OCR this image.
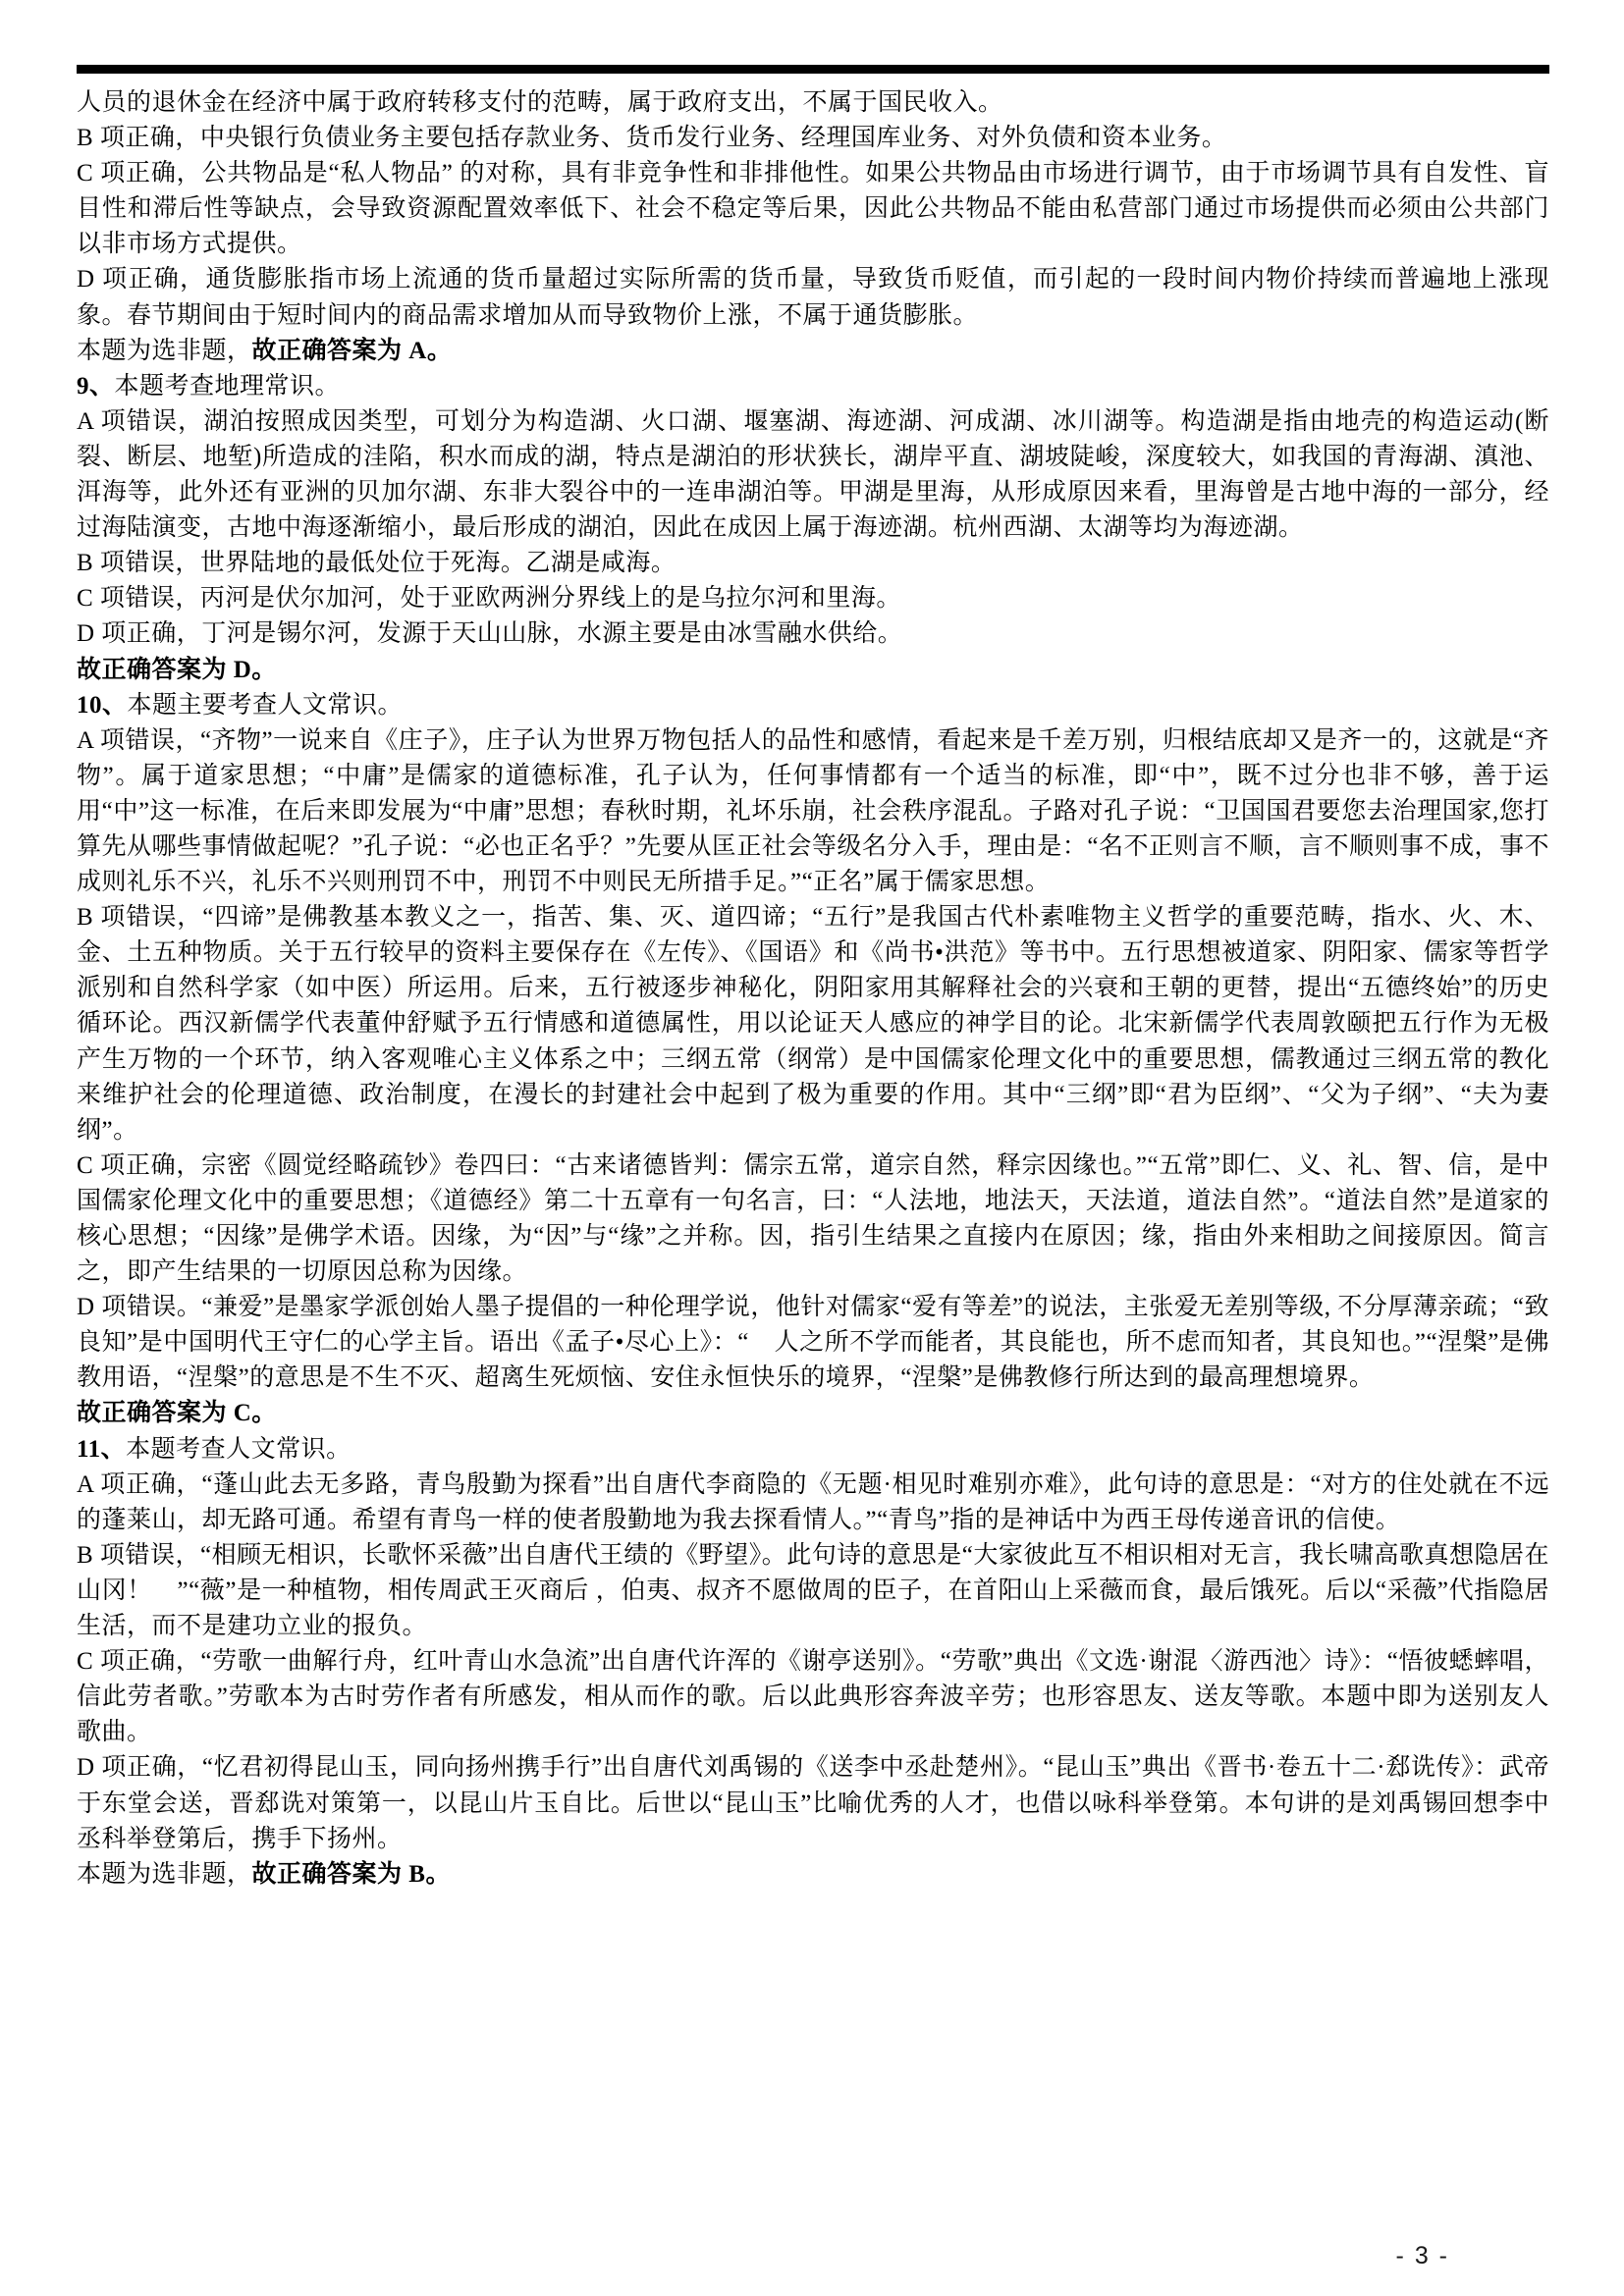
人员的退休金在经济中属于政府转移支付的范畴，属于政府支出，不属于国民收入。

B 项正确，中央银行负债业务主要包括存款业务、货币发行业务、经理国库业务、对外负债和资本业务。

C 项正确，公共物品是“私人物品” 的对称，具有非竞争性和非排他性。如果公共物品由市场进行调节，由于市场调节具有自发性、盲目性和滞后性等缺点，会导致资源配置效率低下、社会不稳定等后果，因此公共物品不能由私营部门通过市场提供而必须由公共部门以非市场方式提供。

D 项正确，通货膨胀指市场上流通的货币量超过实际所需的货币量，导致货币贬值，而引起的一段时间内物价持续而普遍地上涨现象。春节期间由于短时间内的商品需求增加从而导致物价上涨，不属于通货膨胀。

本题为选非题，故正确答案为 A。

9、本题考查地理常识。

A 项错误，湖泊按照成因类型，可划分为构造湖、火口湖、堰塞湖、海迹湖、河成湖、冰川湖等。构造湖是指由地壳的构造运动(断裂、断层、地堑)所造成的洼陷，积水而成的湖，特点是湖泊的形状狭长，湖岸平直、湖坡陡峻，深度较大，如我国的青海湖、滇池、洱海等，此外还有亚洲的贝加尔湖、东非大裂谷中的一连串湖泊等。甲湖是里海，从形成原因来看，里海曾是古地中海的一部分，经过海陆演变，古地中海逐渐缩小，最后形成的湖泊，因此在成因上属于海迹湖。杭州西湖、太湖等均为海迹湖。

B 项错误，世界陆地的最低处位于死海。乙湖是咸海。

C 项错误，丙河是伏尔加河，处于亚欧两洲分界线上的是乌拉尔河和里海。

D 项正确，丁河是锡尔河，发源于天山山脉，水源主要是由冰雪融水供给。

故正确答案为 D。

10、本题主要考查人文常识。

A 项错误，“齐物”一说来自《庄子》，庄子认为世界万物包括人的品性和感情，看起来是千差万别，归根结底却又是齐一的，这就是“齐物”。属于道家思想；“中庸”是儒家的道德标准，孔子认为，任何事情都有一个适当的标准，即“中”，既不过分也非不够，善于运用“中”这一标准，在后来即发展为“中庸”思想；春秋时期，礼坏乐崩，社会秩序混乱。子路对孔子说：“卫国国君要您去治理国家,您打算先从哪些事情做起呢？”孔子说：“必也正名乎？”先要从匡正社会等级名分入手，理由是：“名不正则言不顺，言不顺则事不成，事不成则礼乐不兴，礼乐不兴则刑罚不中，刑罚不中则民无所措手足。”“正名”属于儒家思想。

B 项错误，“四谛”是佛教基本教义之一，指苦、集、灭、道四谛；“五行”是我国古代朴素唯物主义哲学的重要范畴，指水、火、木、金、土五种物质。关于五行较早的资料主要保存在《左传》、《国语》和《尚书•洪范》等书中。五行思想被道家、阴阳家、儒家等哲学派别和自然科学家（如中医）所运用。后来，五行被逐步神秘化，阴阳家用其解释社会的兴衰和王朝的更替，提出“五德终始”的历史循环论。西汉新儒学代表董仲舒赋予五行情感和道德属性，用以论证天人感应的神学目的论。北宋新儒学代表周敦颐把五行作为无极产生万物的一个环节，纳入客观唯心主义体系之中；三纲五常（纲常）是中国儒家伦理文化中的重要思想，儒教通过三纲五常的教化来维护社会的伦理道德、政治制度，在漫长的封建社会中起到了极为重要的作用。其中“三纲”即“君为臣纲”、“父为子纲”、“夫为妻纲”。

C 项正确，宗密《圆觉经略疏钞》卷四曰：“古来诸德皆判：儒宗五常，道宗自然，释宗因缘也。”“五常”即仁、义、礼、智、信，是中国儒家伦理文化中的重要思想；《道德经》第二十五章有一句名言，曰：“人法地，地法天，天法道，道法自然”。“道法自然”是道家的核心思想；“因缘”是佛学术语。因缘，为“因”与“缘”之并称。因，指引生结果之直接内在原因；缘，指由外来相助之间接原因。简言之，即产生结果的一切原因总称为因缘。

D 项错误。“兼爱”是墨家学派创始人墨子提倡的一种伦理学说，他针对儒家“爱有等差”的说法，主张爱无差别等级, 不分厚薄亲疏；“致良知”是中国明代王守仁的心学主旨。语出《孟子•尽心上》：“　人之所不学而能者，其良能也，所不虑而知者，其良知也。”“涅槃”是佛教用语，“涅槃”的意思是不生不灭、超离生死烦恼、安住永恒快乐的境界，“涅槃”是佛教修行所达到的最高理想境界。

故正确答案为 C。

11、本题考查人文常识。

A 项正确，“蓬山此去无多路，青鸟殷勤为探看”出自唐代李商隐的《无题·相见时难别亦难》，此句诗的意思是：“对方的住处就在不远的蓬莱山，却无路可通。希望有青鸟一样的使者殷勤地为我去探看情人。”“青鸟”指的是神话中为西王母传递音讯的信使。

B 项错误，“相顾无相识，长歌怀采薇”出自唐代王绩的《野望》。此句诗的意思是“大家彼此互不相识相对无言，我长啸高歌真想隐居在山冈！　”“薇”是一种植物，相传周武王灭商后 ，伯夷、叔齐不愿做周的臣子，在首阳山上采薇而食，最后饿死。后以“采薇”代指隐居生活，而不是建功立业的报负。

C 项正确，“劳歌一曲解行舟，红叶青山水急流”出自唐代许浑的《谢亭送别》。“劳歌”典出《文选·谢混〈游西池〉诗》：“悟彼蟋蟀唱，信此劳者歌。”劳歌本为古时劳作者有所感发，相从而作的歌。后以此典形容奔波辛劳；也形容思友、送友等歌。本题中即为送别友人歌曲。

D 项正确，“忆君初得昆山玉，同向扬州携手行”出自唐代刘禹锡的《送李中丞赴楚州》。“昆山玉”典出《晋书·卷五十二·郄诜传》：武帝于东堂会送，晋郄诜对策第一，以昆山片玉自比。后世以“昆山玉”比喻优秀的人才，也借以咏科举登第。本句讲的是刘禹锡回想李中丞科举登第后，携手下扬州。

本题为选非题，故正确答案为 B。

- 3 -
